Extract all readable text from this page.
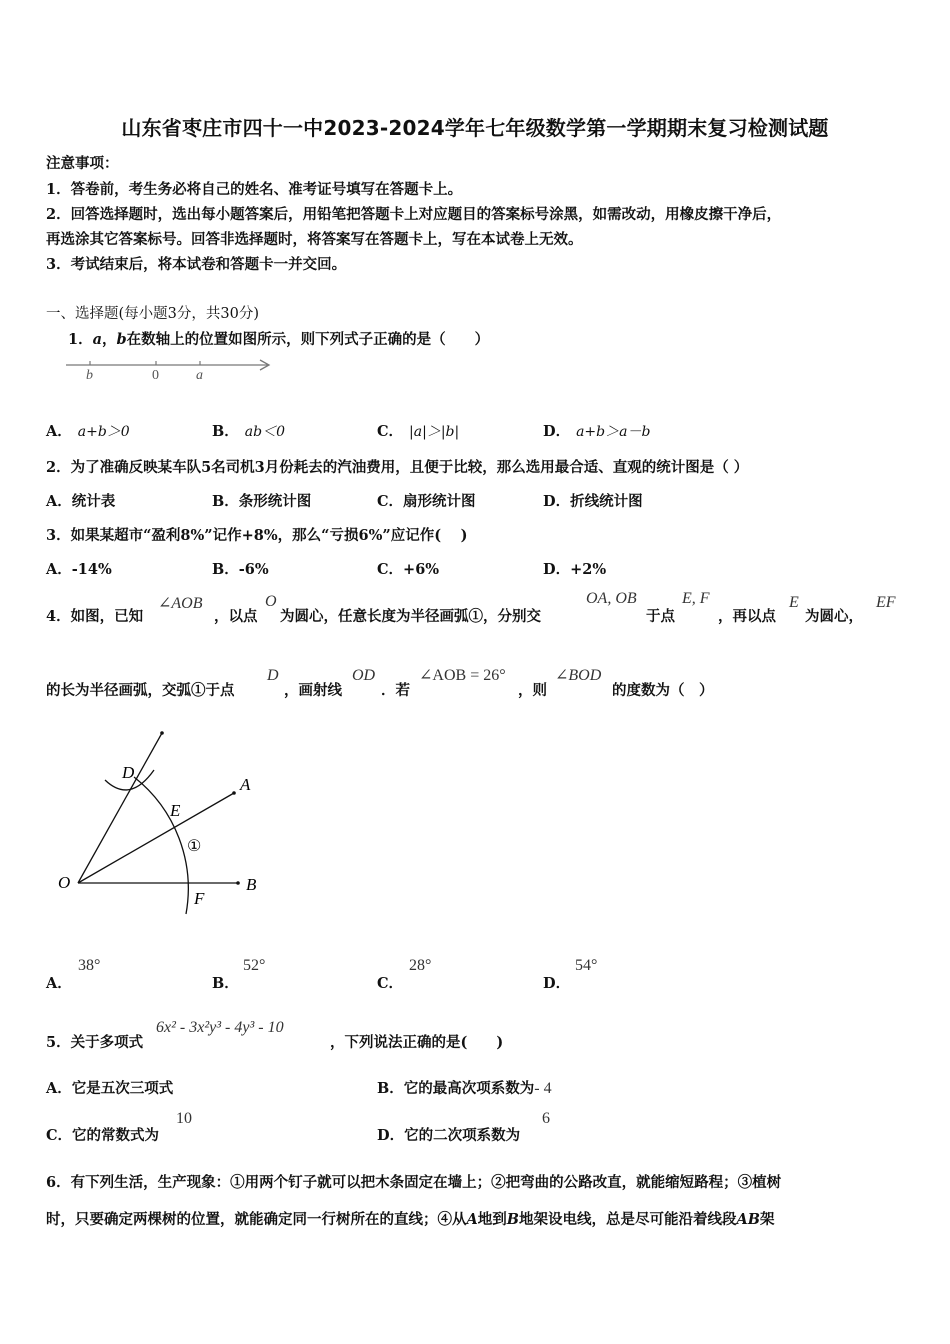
山东省枣庄市四十一中2023-2024学年七年级数学第一学期期末复习检测试题
注意事项：
1．答卷前，考生务必将自己的姓名、准考证号填写在答题卡上。
2．回答选择题时，选出每小题答案后，用铅笔把答题卡上对应题目的答案标号涂黑，如需改动，用橡皮擦干净后，
再选涂其它答案标号。回答非选择题时，将答案写在答题卡上，写在本试卷上无效。
3．考试结束后，将本试卷和答题卡一并交回。
一、选择题(每小题3分，共30分)
1．a，b在数轴上的位置如图所示，则下列式子正确的是（　　）
b	0	a
A． a+b＞0	B． ab＜0	C． |a|＞|b|	D． a+b＞a－b
2．为了准确反映某车队5名司机3月份耗去的汽油费用，且便于比较，那么选用最合适、直观的统计图是（ ）
A．统计表	B．条形统计图	C．扇形统计图	D．折线统计图
3．如果某超市“盈利8%”记作+8%，那么“亏损6%”应记作(　 )
A．-14%	B．-6%	C．+6%	D．+2%
4．如图，已知
∠AOB
，以点
O
为圆心，任意长度为半径画弧①，分别交
OA, OB
于点
E, F
，再以点
E
为圆心，
EF
的长为半径画弧，交弧①于点
D
，画射线
OD
．若
∠AOB = 26°
，则
∠BOD
的度数为（　）
O
A
B
D
E
F
①
A．
38°
B．
52°
C．
28°
D．
54°
5．关于多项式
6x² - 3x²y³ - 4y³ - 10
，下列说法正确的是(　　)
A．它是五次三项式	B．它的最高次项系数为- 4
C．它的常数式为
10
D．它的二次项系数为
6
6．有下列生活，生产现象：①用两个钉子就可以把木条固定在墙上；②把弯曲的公路改直，就能缩短路程；③植树
时，只要确定两棵树的位置，就能确定同一行树所在的直线；④从A地到B地架设电线，总是尽可能沿着线段AB架
